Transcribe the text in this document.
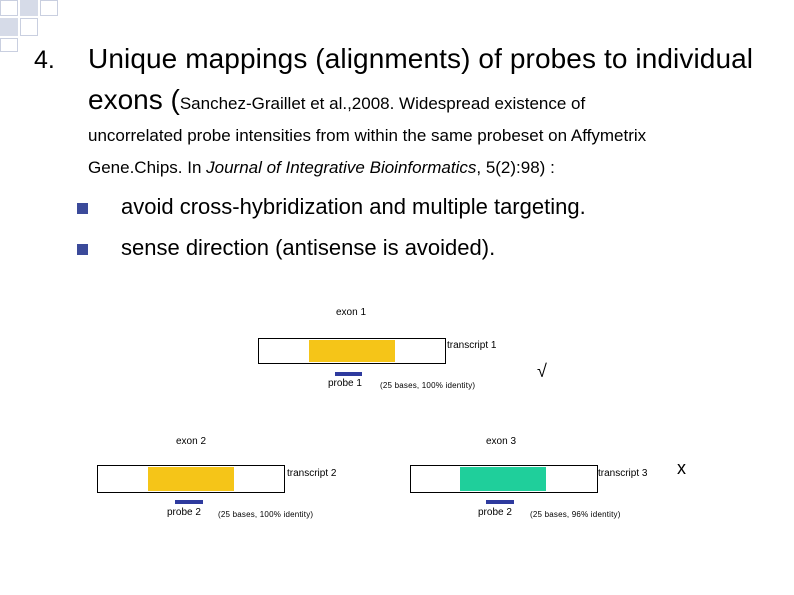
4. Unique mappings (alignments) of probes to individual
exons (Sanchez-Graillet et al.,2008. Widespread existence of
uncorrelated probe intensities from within the same probeset on Affymetrix
Gene.Chips. In Journal of Integrative Bioinformatics, 5(2):98) :
avoid cross-hybridization and multiple targeting.
sense direction (antisense is avoided).
exon 1
transcript 1
probe 1 (25 bases, 100% identity)
√
exon 2
transcript 2
probe 2 (25 bases, 100% identity)
exon 3
transcript 3 x
probe 2 (25 bases, 96% identity)
